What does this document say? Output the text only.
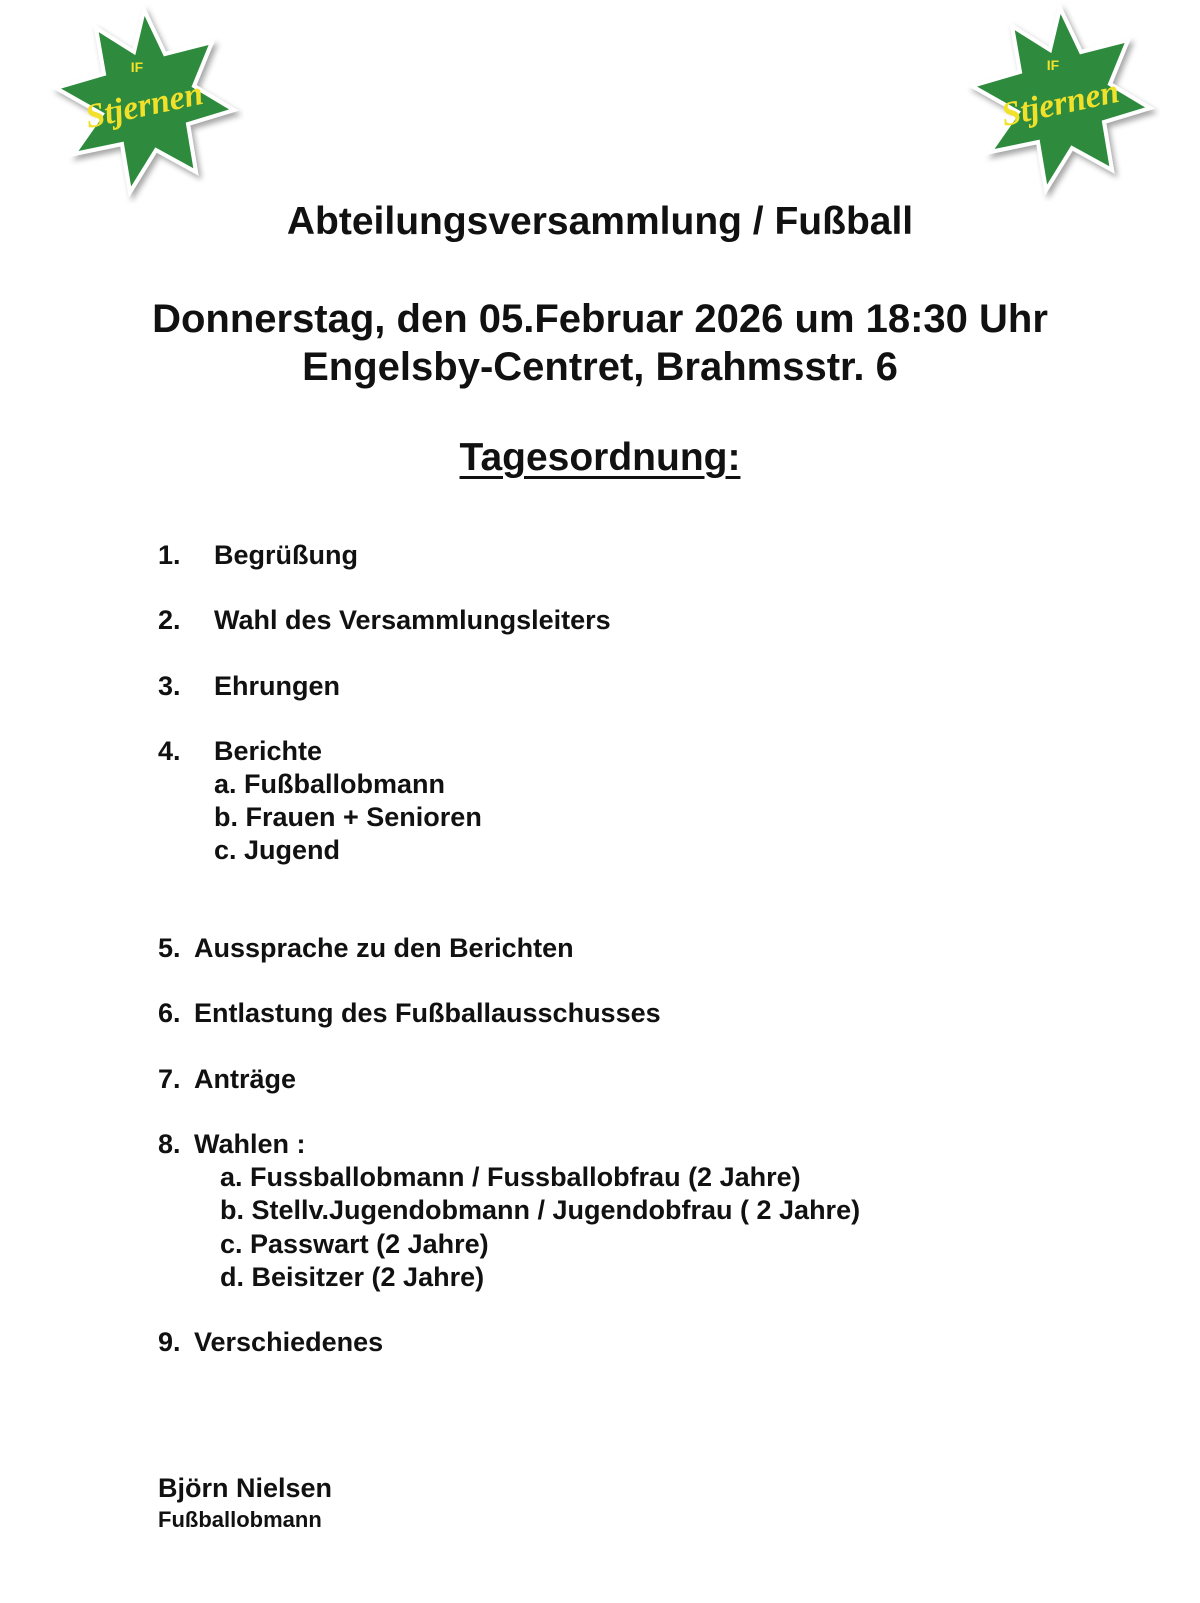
IF
Stjernen
IF
Stjernen
Abteilungsversammlung / Fußball
Donnerstag, den 05.Februar 2026 um 18:30 Uhr
Engelsby-Centret, Brahmsstr. 6
Tagesordnung:
1. Begrüßung
2. Wahl des Versammlungsleiters
3. Ehrungen
4. Berichte
a. Fußballobmann
b. Frauen + Senioren
c. Jugend
5. Aussprache zu den Berichten
6. Entlastung des Fußballausschusses
7. Anträge
8. Wahlen :
a. Fussballobmann / Fussballobfrau (2 Jahre)
b. Stellv.Jugendobmann / Jugendobfrau ( 2 Jahre)
c. Passwart (2 Jahre)
d. Beisitzer (2 Jahre)
9. Verschiedenes
Björn Nielsen
Fußballobmann
